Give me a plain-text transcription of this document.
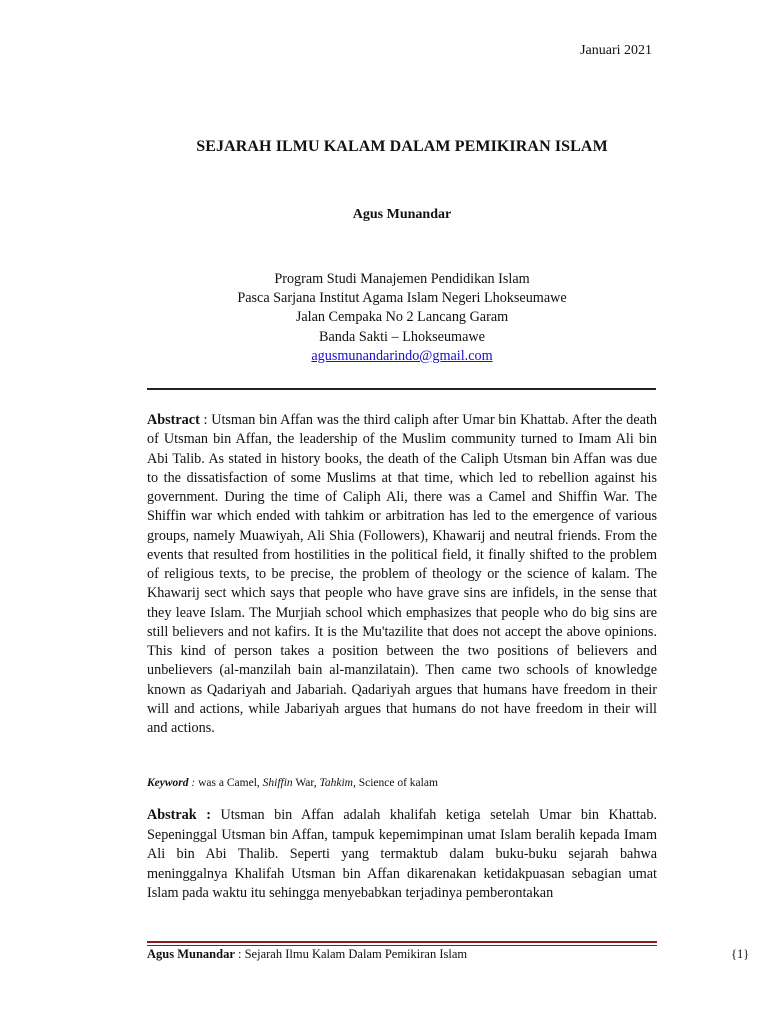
Januari 2021
SEJARAH ILMU KALAM DALAM PEMIKIRAN ISLAM
Agus Munandar
Program Studi Manajemen Pendidikan Islam
Pasca Sarjana Institut Agama Islam Negeri Lhokseumawe
Jalan Cempaka No 2 Lancang Garam
Banda Sakti – Lhokseumawe
agusmunandarindo@gmail.com
Abstract : Utsman bin Affan was the third caliph after Umar bin Khattab. After the death of Utsman bin Affan, the leadership of the Muslim community turned to Imam Ali bin Abi Talib. As stated in history books, the death of the Caliph Utsman bin Affan was due to the dissatisfaction of some Muslims at that time, which led to rebellion against his government. During the time of Caliph Ali, there was a Camel and Shiffin War. The Shiffin war which ended with tahkim or arbitration has led to the emergence of various groups, namely Muawiyah, Ali Shia (Followers), Khawarij and neutral friends. From the events that resulted from hostilities in the political field, it finally shifted to the problem of religious texts, to be precise, the problem of theology or the science of kalam. The Khawarij sect which says that people who have grave sins are infidels, in the sense that they leave Islam. The Murjiah school which emphasizes that people who do big sins are still believers and not kafirs. It is the Mu'tazilite that does not accept the above opinions. This kind of person takes a position between the two positions of believers and unbelievers (al-manzilah bain al-manzilatain). Then came two schools of knowledge known as Qadariyah and Jabariah. Qadariyah argues that humans have freedom in their will and actions, while Jabariyah argues that humans do not have freedom in their will and actions.
Keyword : was a Camel, Shiffin War, Tahkim, Science of kalam
Abstrak : Utsman bin Affan adalah khalifah ketiga setelah Umar bin Khattab. Sepeninggal Utsman bin Affan, tampuk kepemimpinan umat Islam beralih kepada Imam Ali bin Abi Thalib. Seperti yang termaktub dalam buku-buku sejarah bahwa meninggalnya Khalifah Utsman bin Affan dikarenakan ketidakpuasan sebagian umat Islam pada waktu itu sehingga menyebabkan terjadinya pemberontakan
Agus Munandar : Sejarah Ilmu Kalam Dalam Pemikiran Islam	{1}
